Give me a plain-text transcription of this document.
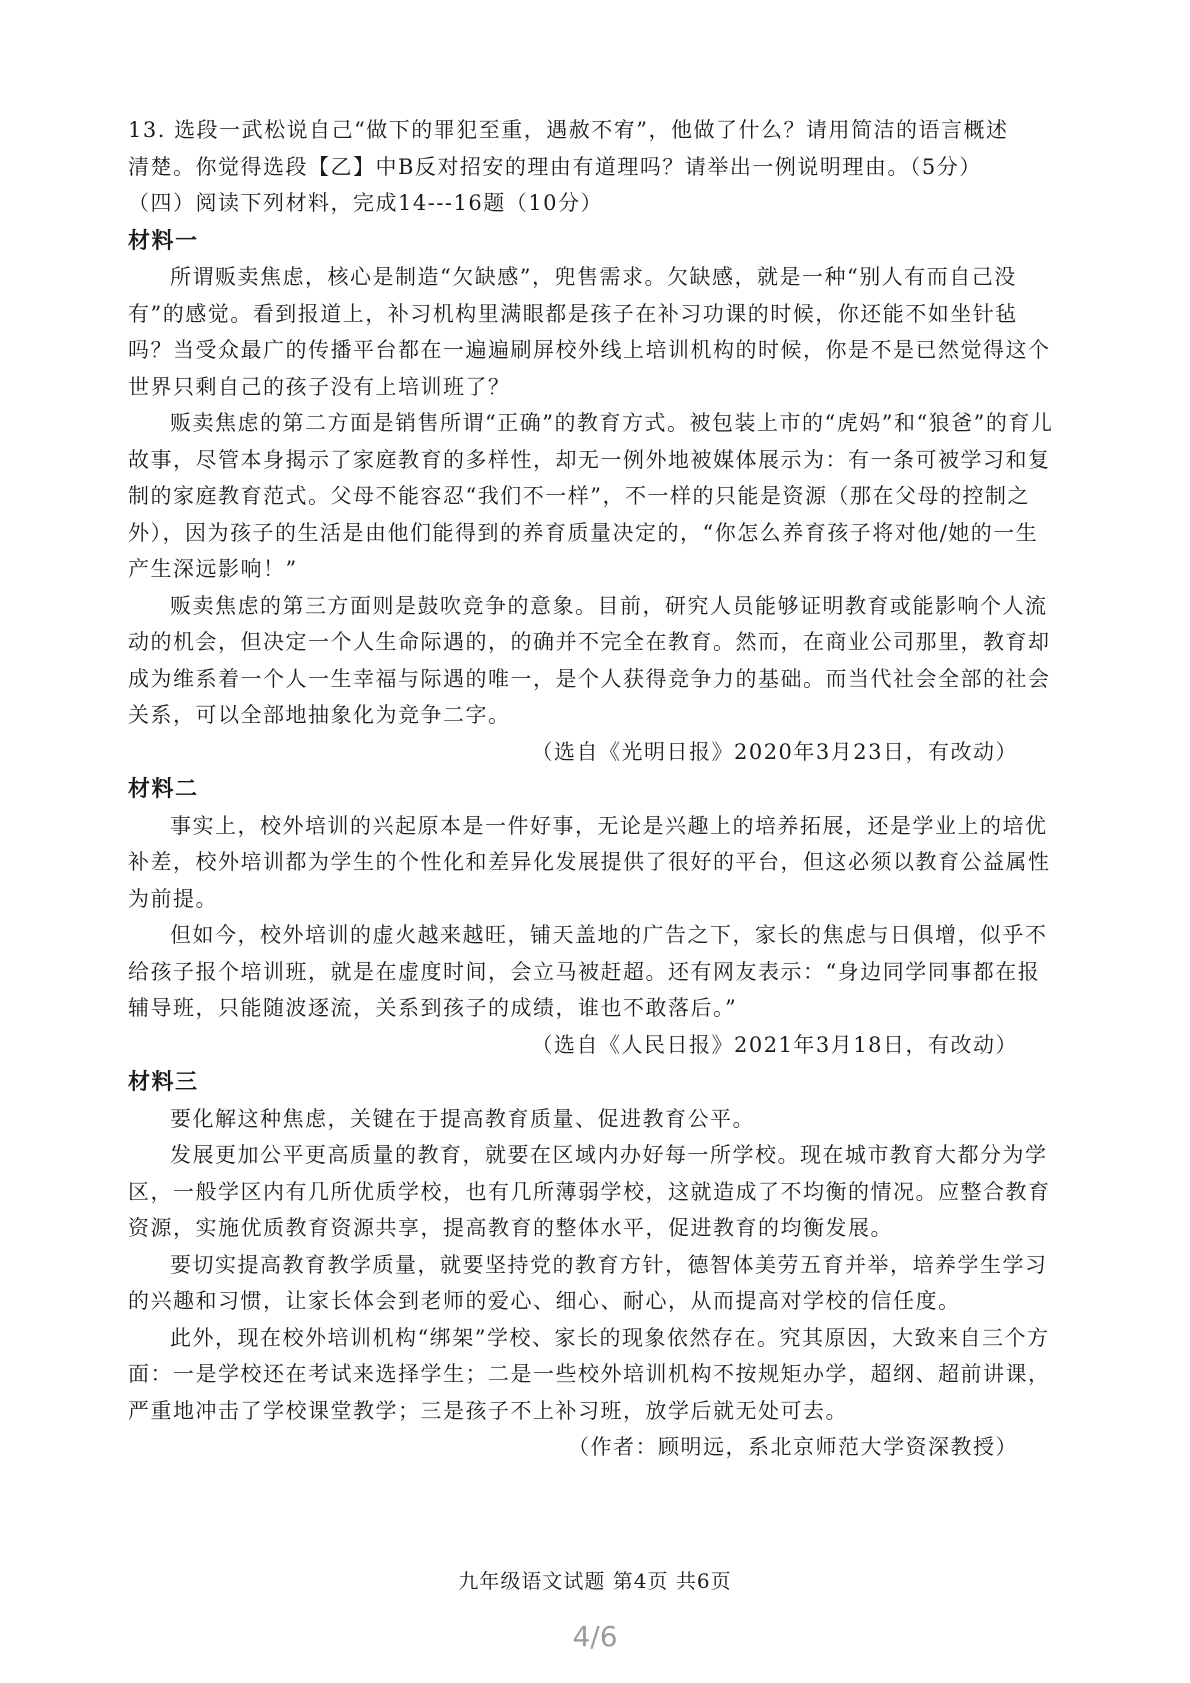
13. 选段一武松说自己“做下的罪犯至重，遇赦不宥”，他做了什么？请用简洁的语言概述
清楚。你觉得选段【乙】中B反对招安的理由有道理吗？请举出一例说明理由。（5分）
（四）阅读下列材料，完成14---16题（10分）
材料一
所谓贩卖焦虑，核心是制造“欠缺感”，兜售需求。欠缺感，就是一种“别人有而自己没有”的感觉。看到报道上，补习机构里满眼都是孩子在补习功课的时候，你还能不如坐针毡吗？当受众最广的传播平台都在一遍遍刷屏校外线上培训机构的时候，你是不是已然觉得这个世界只剩自己的孩子没有上培训班了？
贩卖焦虑的第二方面是销售所谓“正确”的教育方式。被包装上市的“虎妈”和“狼爸”的育儿故事，尽管本身揭示了家庭教育的多样性，却无一例外地被媒体展示为：有一条可被学习和复制的家庭教育范式。父母不能容忍“我们不一样”，不一样的只能是资源（那在父母的控制之外），因为孩子的生活是由他们能得到的养育质量决定的，“你怎么养育孩子将对他/她的一生产生深远影响！”
贩卖焦虑的第三方面则是鼓吹竞争的意象。目前，研究人员能够证明教育或能影响个人流动的机会，但决定一个人生命际遇的，的确并不完全在教育。然而，在商业公司那里，教育却成为维系着一个人一生幸福与际遇的唯一，是个人获得竞争力的基础。而当代社会全部的社会关系，可以全部地抽象化为竞争二字。
（选自《光明日报》2020年3月23日，有改动）
材料二
事实上，校外培训的兴起原本是一件好事，无论是兴趣上的培养拓展，还是学业上的培优补差，校外培训都为学生的个性化和差异化发展提供了很好的平台，但这必须以教育公益属性为前提。
但如今，校外培训的虚火越来越旺，铺天盖地的广告之下，家长的焦虑与日俱增，似乎不给孩子报个培训班，就是在虚度时间，会立马被赶超。还有网友表示：“身边同学同事都在报辅导班，只能随波逐流，关系到孩子的成绩，谁也不敢落后。”
（选自《人民日报》2021年3月18日，有改动）
材料三
要化解这种焦虑，关键在于提高教育质量、促进教育公平。
发展更加公平更高质量的教育，就要在区域内办好每一所学校。现在城市教育大都分为学区，一般学区内有几所优质学校，也有几所薄弱学校，这就造成了不均衡的情况。应整合教育资源，实施优质教育资源共享，提高教育的整体水平，促进教育的均衡发展。
要切实提高教育教学质量，就要坚持党的教育方针，德智体美劳五育并举，培养学生学习的兴趣和习惯，让家长体会到老师的爱心、细心、耐心，从而提高对学校的信任度。
此外，现在校外培训机构“绑架”学校、家长的现象依然存在。究其原因，大致来自三个方面：一是学校还在考试来选择学生；二是一些校外培训机构不按规矩办学，超纲、超前讲课，严重地冲击了学校课堂教学；三是孩子不上补习班，放学后就无处可去。
（作者：顾明远，系北京师范大学资深教授）
九年级语文试题 第4页 共6页
4/6
